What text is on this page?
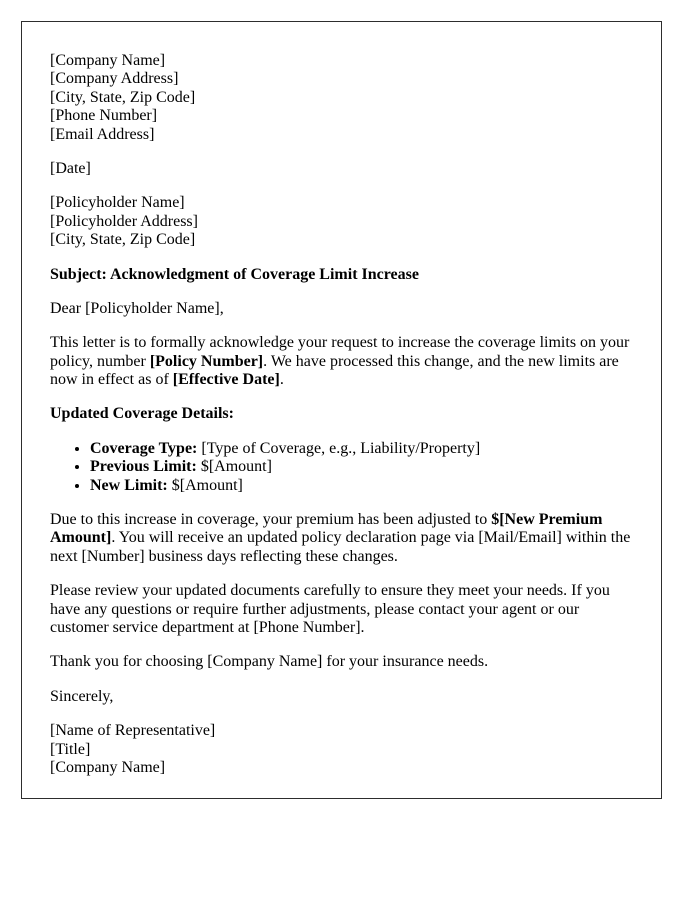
[Company Name]
[Company Address]
[City, State, Zip Code]
[Phone Number]
[Email Address]

[Date]

[Policyholder Name]
[Policyholder Address]
[City, State, Zip Code]

Subject: Acknowledgment of Coverage Limit Increase

Dear [Policyholder Name],

This letter is to formally acknowledge your request to increase the coverage limits on your policy, number [Policy Number]. We have processed this change, and the new limits are now in effect as of [Effective Date].

Updated Coverage Details:

• Coverage Type: [Type of Coverage, e.g., Liability/Property]
• Previous Limit: $[Amount]
• New Limit: $[Amount]

Due to this increase in coverage, your premium has been adjusted to $[New Premium Amount]. You will receive an updated policy declaration page via [Mail/Email] within the next [Number] business days reflecting these changes.

Please review your updated documents carefully to ensure they meet your needs. If you have any questions or require further adjustments, please contact your agent or our customer service department at [Phone Number].

Thank you for choosing [Company Name] for your insurance needs.

Sincerely,

[Name of Representative]
[Title]
[Company Name]
